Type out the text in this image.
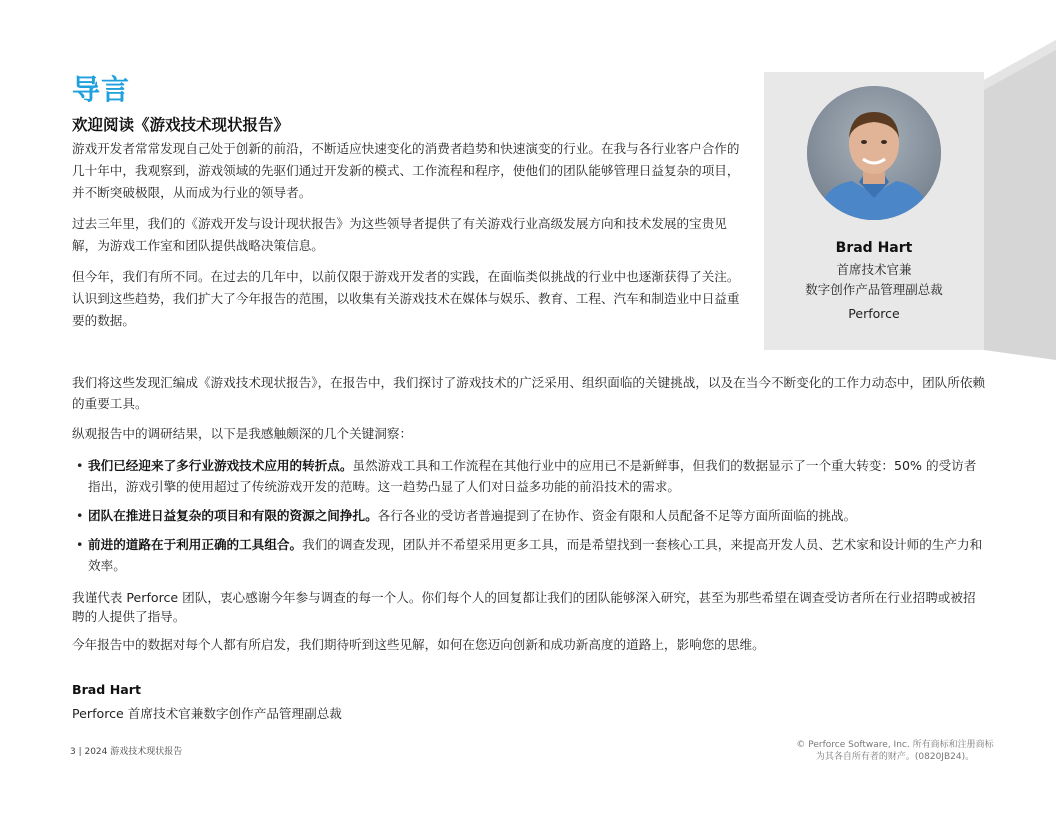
导言
欢迎阅读《游戏技术现状报告》

游戏开发者常常发现自己处于创新的前沿，不断适应快速变化的消费者趋势和快速演变的行业。在我与各行业客户合作的几十年中，我观察到，游戏领域的先驱们通过开发新的模式、工作流程和程序，使他们的团队能够管理日益复杂的项目，并不断突破极限，从而成为行业的领导者。

过去三年里，我们的《游戏开发与设计现状报告》为这些领导者提供了有关游戏行业高级发展方向和技术发展的宝贵见解，为游戏工作室和团队提供战略决策信息。

但今年，我们有所不同。在过去的几年中，以前仅限于游戏开发者的实践，在面临类似挑战的行业中也逐渐获得了关注。认识到这些趋势，我们扩大了今年报告的范围，以收集有关游戏技术在媒体与娱乐、教育、工程、汽车和制造业中日益重要的数据。

Brad Hart
首席技术官兼
数字创作产品管理副总裁
Perforce

我们将这些发现汇编成《游戏技术现状报告》，在报告中，我们探讨了游戏技术的广泛采用、组织面临的关键挑战，以及在当今不断变化的工作力动态中，团队所依赖的重要工具。

纵观报告中的调研结果，以下是我感触颇深的几个关键洞察：

• 我们已经迎来了多行业游戏技术应用的转折点。虽然游戏工具和工作流程在其他行业中的应用已不是新鲜事，但我们的数据显示了一个重大转变：50% 的受访者指出，游戏引擎的使用超过了传统游戏开发的范畴。这一趋势凸显了人们对日益多功能的前沿技术的需求。
• 团队在推进日益复杂的项目和有限的资源之间挣扎。各行各业的受访者普遍提到了在协作、资金有限和人员配备不足等方面所面临的挑战。
• 前进的道路在于利用正确的工具组合。我们的调查发现，团队并不希望采用更多工具，而是希望找到一套核心工具，来提高开发人员、艺术家和设计师的生产力和效率。

我谨代表 Perforce 团队，衷心感谢今年参与调查的每一个人。你们每个人的回复都让我们的团队能够深入研究，甚至为那些希望在调查受访者所在行业招聘或被招聘的人提供了指导。

今年报告中的数据对每个人都有所启发，我们期待听到这些见解，如何在您迈向创新和成功新高度的道路上，影响您的思维。

Brad Hart
Perforce 首席技术官兼数字创作产品管理副总裁
3 | 2024 游戏技术现状报告
© Perforce Software, Inc. 所有商标和注册商标
为其各自所有者的财产。(0820JB24)。
